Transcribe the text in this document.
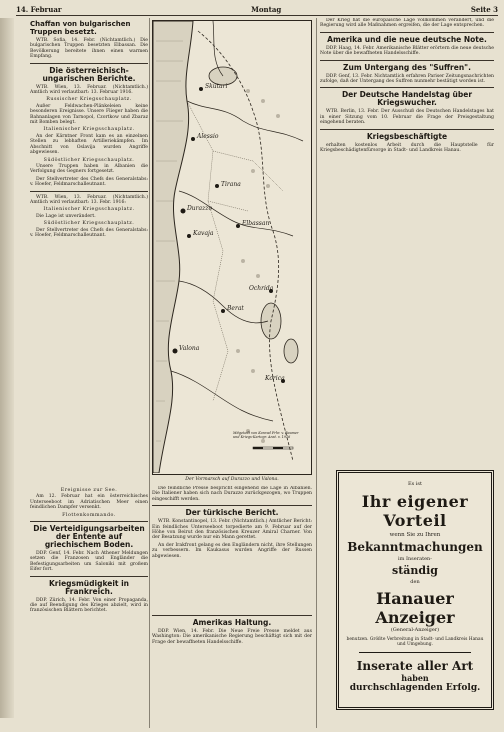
14. Februar	Montag	Seite 3
Chaffan von bulgarischen Truppen besetzt.
WTB. Sofia, 14. Febr. (Nichtamtlich.) Die bulgarischen Truppen besetzten Elbassan. Die Bevölkerung bereitete ihnen einen warmen Empfang.
Die österreichisch-ungarischen Berichte.
WTB. Wien, 13. Februar. (Nichtamtlich.) Amtlich wird verlautbart: 13. Februar 1916.
Russischer Kriegsschauplatz.
Außer Feldwachen-Plänkeleien keine besonderen Ereignisse. Unsere Flieger haben die Bahnanlagen von Tarnopol, Czortkow und Zbaraz mit Bomben belegt.
Italienischer Kriegsschauplatz.
An der Kärntner Front kam es an einzelnen Stellen zu lebhaften Artilleriekämpfen. Im Abschnitt von Oslavija wurden Angriffe abgewiesen.
Südöstlicher Kriegsschauplatz.
Unsere Truppen haben in Albanien die Verfolgung des Gegners fortgesetzt.
Der Stellvertreter des Chefs des Generalstabs: v. Hoefer, Feldmarschalleutnant.
WTB. Wien, 13. Februar. (Nichtamtlich.) Amtlich wird verlautbart: 13. Febr. 1916:
Italienischer Kriegsschauplatz.
Die Lage ist unverändert.
Südöstlicher Kriegsschauplatz.
Der Stellvertreter des Chefs des Generalstabs: v. Hoefer, Feldmarschalleutnant.
Skutari
Alessio
Tirana
Durazzo
Elbassan
Kavaja
Berat
Valona
Ochrida
Korica
Mitgeteilt von Konrad Frhr. v. Baumer und Kriegs-Kartogr. Anst. v. 1916
Der Vormarsch auf Durazzo und Valona.
Die feindliche Presse bespricht eingehend die Lage in Albanien. Die Italiener haben sich nach Durazzo zurückgezogen, wo Truppen eingeschifft werden.
Der türkische Bericht.
WTB. Konstantinopel, 13. Febr. (Nichtamtlich.) Amtlicher Bericht: Ein feindliches Unterseeboot torpedierte am 9. Februar auf der Höhe von Beirut den französischen Kreuzer Amiral Charner. Von der Besatzung wurde nur ein Mann gerettet.
An der Irakfront gelang es den Engländern nicht, ihre Stellungen zu verbessern. Im Kaukasus wurden Angriffe der Russen abgewiesen.
Amerikas Haltung.
DDP. Wien, 14. Febr. Die Neue Freie Presse meldet aus Washington: Die amerikanische Regierung beschäftigt sich mit der Frage der bewaffneten Handelsschiffe.
Ereignisse zur See.
Am 12. Februar hat ein österreichisches Unterseeboot im Adriatischen Meer einen feindlichen Dampfer versenkt.
Flottenkommando.
Die Verteidigungsarbeiten der Entente auf griechischem Boden.
DDP. Genf, 14. Febr. Nach Athener Meldungen setzen die Franzosen und Engländer die Befestigungsarbeiten um Saloniki mit großem Eifer fort.
Kriegsmüdigkeit in Frankreich.
DDP. Zürich, 14. Febr. Von einer Propaganda, die auf Beendigung des Krieges abzielt, wird in französischen Blättern berichtet.
Der Krieg hat die europäische Lage vollkommen verändert, und die Regierung wird alle Maßnahmen ergreifen, die der Lage entsprechen.
Amerika und die neue deutsche Note.
DDP. Haag, 14. Febr. Amerikanische Blätter erörtern die neue deutsche Note über die bewaffneten Handelsschiffe.
Zum Untergang des "Suffren".
DDP. Genf, 13. Febr. Nichtamtlich erfahren Pariser Zeitungsnachrichten zufolge, daß der Untergang des Suffren nunmehr bestätigt worden ist.
Der Deutsche Handelstag über Kriegswucher.
WTB. Berlin, 13. Febr. Der Ausschuß des Deutschen Handelstages hat in einer Sitzung vom 10. Februar die Frage der Preisgestaltung eingehend beraten.
Kriegsbeschäftigte
erhalten kostenlos Arbeit durch die Hauptstelle für Kriegsbeschädigtenfürsorge in Stadt- und Landkreis Hanau.
Es ist
Ihr eigener Vorteil
wenn Sie zu Ihren
Bekanntmachungen
im Inseraten-
ständig
den
Hanauer Anzeiger
(General-Anzeiger)
benutzen. Größte Verbreitung in Stadt- und Landkreis Hanau und Umgebung.
Inserate aller Art
haben
durchschlagenden Erfolg.
